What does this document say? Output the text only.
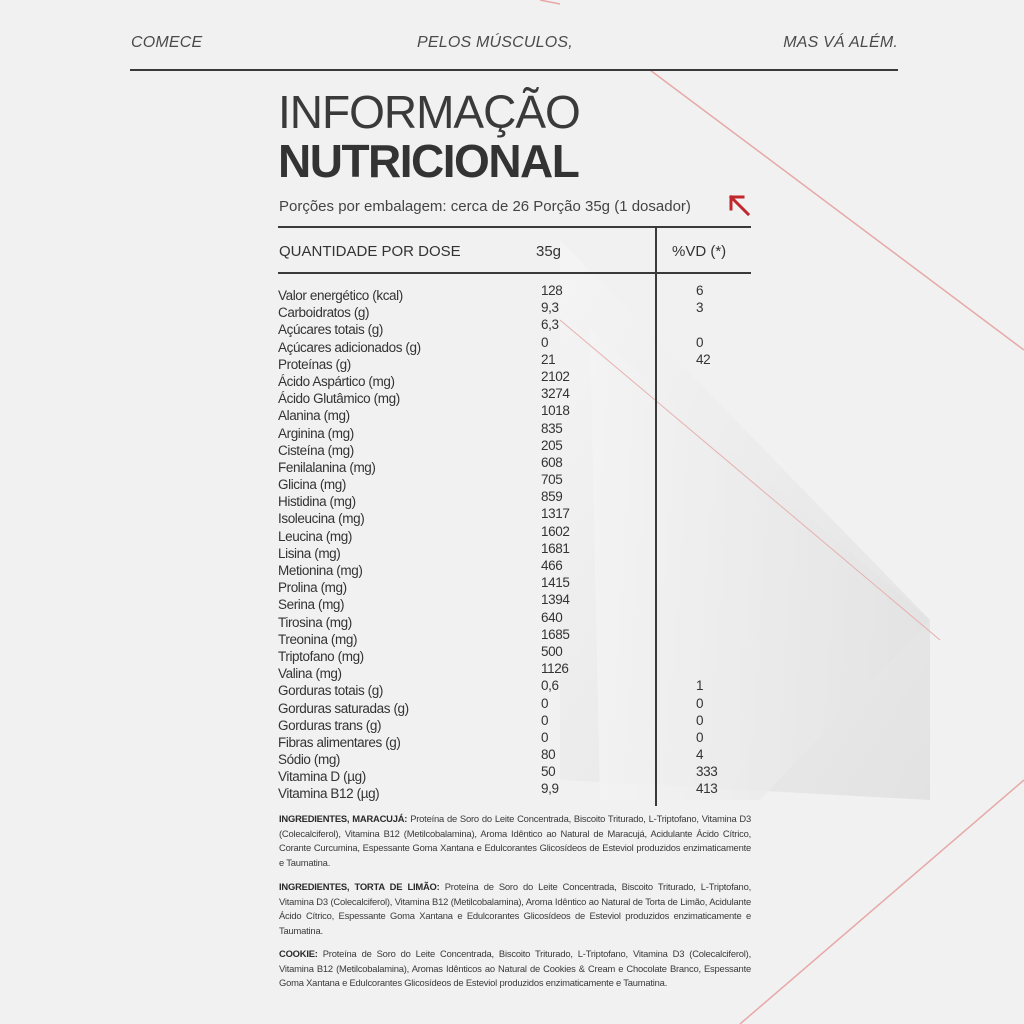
COMECE	PELOS MÚSCULOS,	MAS VÁ ALÉM.
INFORMAÇÃO
NUTRICIONAL
Porções por embalagem: cerca de 26 Porção 35g (1 dosador)
QUANTIDADE POR DOSE	35g	%VD (*)
Valor energético (kcal)	128	6
Carboidratos (g)	9,3	3
Açúcares totais (g)	6,3
Açúcares adicionados (g)	0	0
Proteínas (g)	21	42
Ácido Aspártico (mg)	2102
Ácido Glutâmico (mg)	3274
Alanina (mg)	1018
Arginina (mg)	835
Cisteína (mg)	205
Fenilalanina (mg)	608
Glicina (mg)	705
Histidina (mg)	859
Isoleucina (mg)	1317
Leucina (mg)	1602
Lisina (mg)	1681
Metionina (mg)	466
Prolina (mg)	1415
Serina (mg)	1394
Tirosina (mg)	640
Treonina (mg)	1685
Triptofano (mg)	500
Valina (mg)	1126
Gorduras totais (g)	0,6	1
Gorduras saturadas (g)	0	0
Gorduras trans (g)	0	0
Fibras alimentares (g)	0	0
Sódio (mg)	80	4
Vitamina D (µg)	50	333
Vitamina B12 (µg)	9,9	413
INGREDIENTES, MARACUJÁ: Proteína de Soro do Leite Concentrada, Biscoito Triturado, L-Triptofano, Vitamina D3 (Colecalciferol), Vitamina B12 (Metilcobalamina), Aroma Idêntico ao Natural de Maracujá, Acidulante Ácido Cítrico, Corante Curcumina, Espessante Goma Xantana e Edulcorantes Glicosídeos de Esteviol produzidos enzimaticamente e Taumatina.
INGREDIENTES, TORTA DE LIMÃO: Proteína de Soro do Leite Concentrada, Biscoito Triturado, L-Triptofano, Vitamina D3 (Colecalciferol), Vitamina B12 (Metilcobalamina), Aroma Idêntico ao Natural de Torta de Limão, Acidulante Ácido Cítrico, Espessante Goma Xantana e Edulcorantes Glicosídeos de Esteviol produzidos enzimaticamente e Taumatina.
COOKIE: Proteína de Soro do Leite Concentrada, Biscoito Triturado, L-Triptofano, Vitamina D3 (Colecalciferol), Vitamina B12 (Metilcobalamina), Aromas Idênticos ao Natural de Cookies & Cream e Chocolate Branco, Espessante Goma Xantana e Edulcorantes Glicosídeos de Esteviol produzidos enzimaticamente e Taumatina.
